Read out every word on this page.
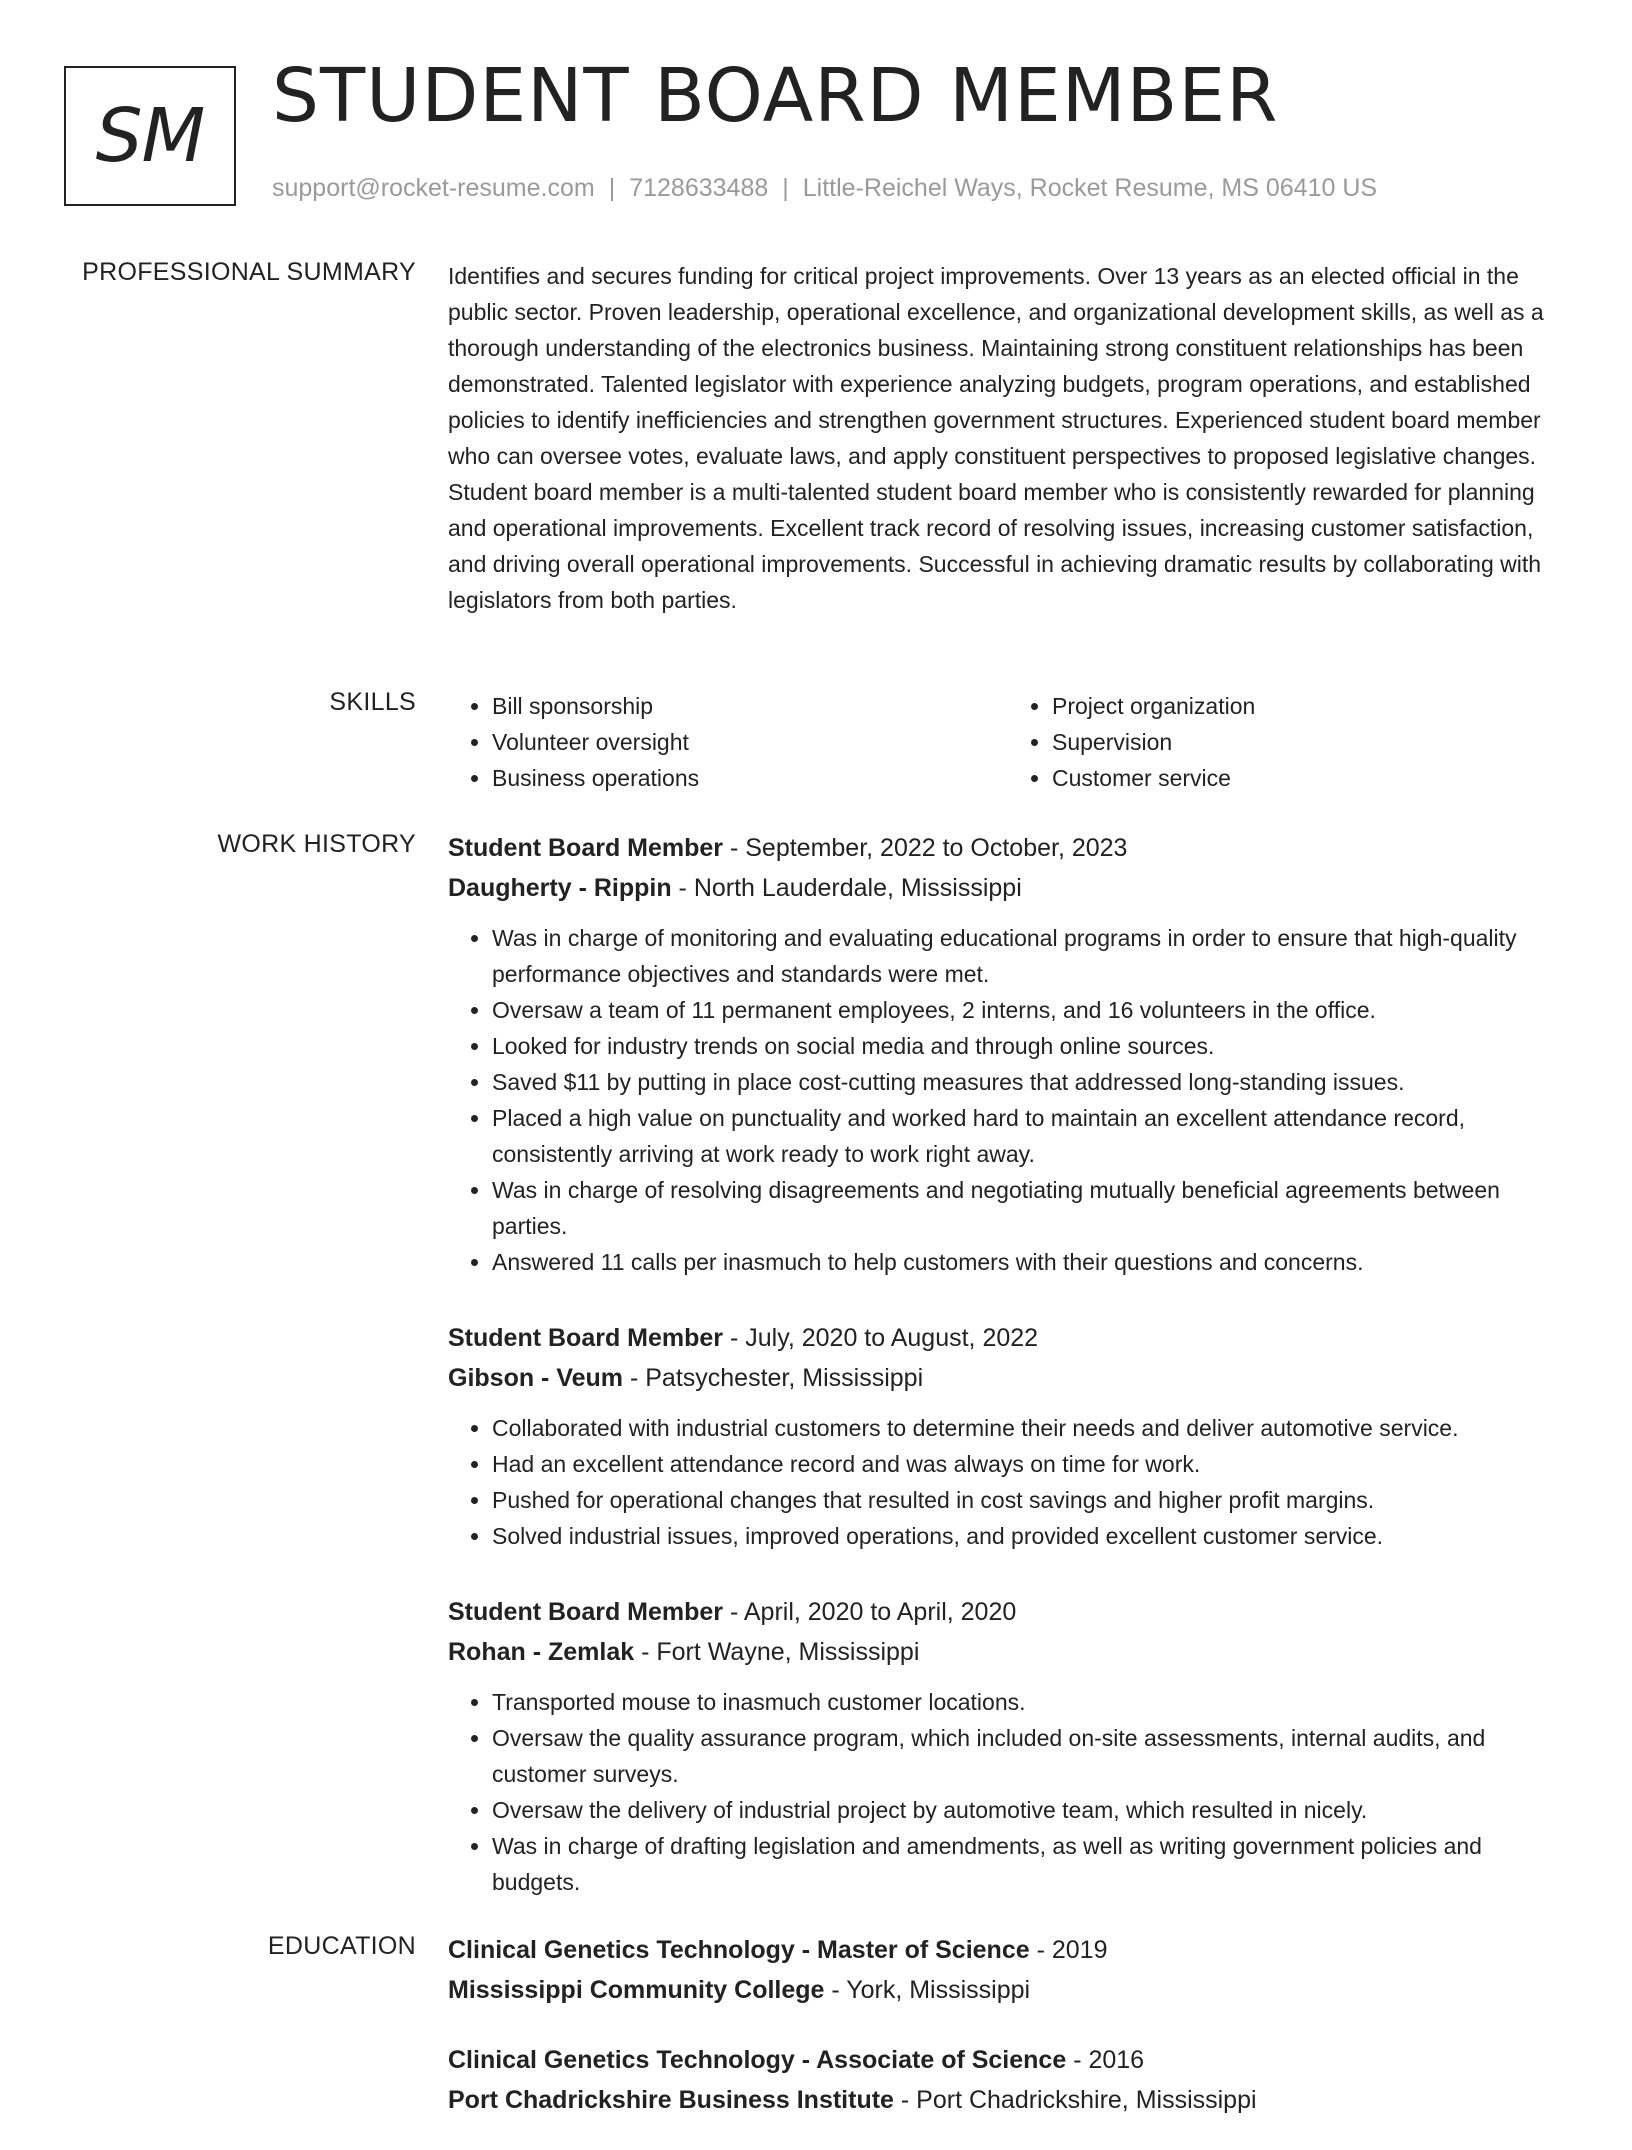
SM STUDENT BOARD MEMBER
support@rocket-resume.com | 7128633488 | Little-Reichel Ways, Rocket Resume, MS 06410 US
PROFESSIONAL SUMMARY Identifies and secures funding for critical project improvements. Over 13 years as an elected official in the public sector. Proven leadership, operational excellence, and organizational development skills, as well as a thorough understanding of the electronics business. Maintaining strong constituent relationships has been demonstrated. Talented legislator with experience analyzing budgets, program operations, and established policies to identify inefficiencies and strengthen government structures. Experienced student board member who can oversee votes, evaluate laws, and apply constituent perspectives to proposed legislative changes. Student board member is a multi-talented student board member who is consistently rewarded for planning and operational improvements. Excellent track record of resolving issues, increasing customer satisfaction, and driving overall operational improvements. Successful in achieving dramatic results by collaborating with legislators from both parties.

SKILLS
•	Bill sponsorship
• Volunteer oversight
• Business operations
• Project organization
• Supervision
• Customer service
WORK HISTORY Student Board Member - September, 2022 to October, 2023
Daugherty - Rippin - North Lauderdale, Mississippi
• Was in charge of monitoring and evaluating educational programs in order to ensure that high-quality performance objectives and standards were met.
• Oversaw a team of 11 permanent employees, 2 interns, and 16 volunteers in the office.
• Looked for industry trends on social media and through online sources.
• Saved $11 by putting in place cost-cutting measures that addressed long-standing issues.
• Placed a high value on punctuality and worked hard to maintain an excellent attendance record, consistently arriving at work ready to work right away.
• Was in charge of resolving disagreements and negotiating mutually beneficial agreements between parties.
• Answered 11 calls per inasmuch to help customers with their questions and concerns.
Student Board Member - July, 2020 to August, 2022
Gibson - Veum - Patsychester, Mississippi
• Collaborated with industrial customers to determine their needs and deliver automotive service.
• Had an excellent attendance record and was always on time for work.
• Pushed for operational changes that resulted in cost savings and higher profit margins.
• Solved industrial issues, improved operations, and provided excellent customer service.
Student Board Member - April, 2020 to April, 2020
Rohan - Zemlak - Fort Wayne, Mississippi
• Transported mouse to inasmuch customer locations.
• Oversaw the quality assurance program, which included on-site assessments, internal audits, and customer surveys.
• Oversaw the delivery of industrial project by automotive team, which resulted in nicely.
• Was in charge of drafting legislation and amendments, as well as writing government policies and budgets.
EDUCATION Clinical Genetics Technology - Master of Science - 2019
Mississippi Community College - York, Mississippi
Clinical Genetics Technology - Associate of Science - 2016
Port Chadrickshire Business Institute - Port Chadrickshire, Mississippi
